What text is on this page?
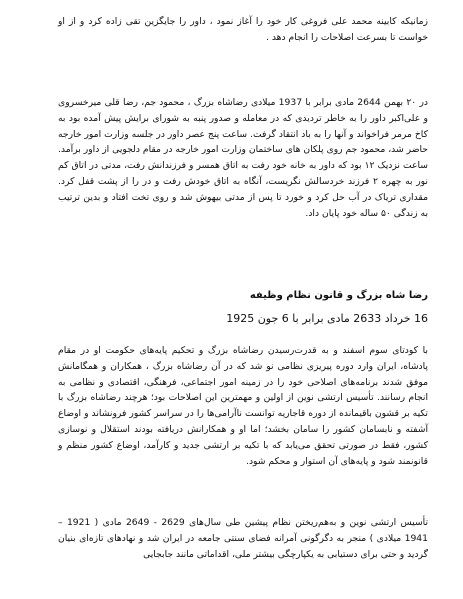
زمانیکه کابینه محمد علی فروغی کار خود را آغاز نمود ، داور را جایگزین تقی زاده کرد و از او خواست تا بسرعت اصلاحات را انجام دهد .

در ۲۰ بهمن 2644 مادی برابر با 1937 میلادی رضاشاه بزرگ ، محمود جم، رضا قلی میرخسروی و علی‌اکبر داور را به خاطر تردیدی که در معامله و صدور پنبه به شورای برایش پیش آمده بود به کاخ مرمر فراخواند و آنها را به باد انتقاد گرفت. ساعت پنج عصر داور در جلسه وزارت امور خارجه حاضر شد، محمود جم روی پلکان های ساختمان وزارت امور خارجه در مقام دلجویی از داور برآمد. ساعت نزدیک ۱۲ بود که داور به خانه خود رفت به اتاق همسر و فرزندانش رفت، مدتی در اتاق کم نور به چهره ۲ فرزند خردسالش نگریست، آنگاه به اتاق خودش رفت و در را از پشت قفل کرد. مقداری تریاک در آب حل کرد و خورد تا پس از مدتی بیهوش شد و روی تخت افتاد و بدین ترتیب به زندگی ۵۰ ساله خود پایان داد.

رضا شاه بزرگ و قانون نظام وظیفه
16 خرداد 2633 مادی برابر با 6 جون 1925

با کودتای سوم اسفند و به قدرت‌رسیدن رضاشاه بزرگ و تحکیم پایه‌های حکومت او در مقام پادشاه، ایران وارد دوره پیریزی نظامی نو شد که در آن رضاشاه بزرگ ، همکاران و همگامانش موفق شدند برنامه‌های اصلاحی خود را در زمینه امور اجتماعی، فرهنگی، اقتصادی و نظامی به انجام رسانند. تأسیس ارتشی نوین از اولین و مهمترین این اصلاحات بود؛ هرچند رضاشاه بزرگ با تکیه بر قشون باقیمانده از دوره قاجاریه توانست ناآرامی‌ها را در سراسر کشور فرونشاند و اوضاع آشفته و نابسامان کشور را سامان بخشد؛ اما او و همکارانش دریافته بودند استقلال و نوسازی کشور، فقط در صورتی تحقق می‌یابد که با تکیه بر ارتشی جدید و کارآمد، اوضاع کشور منظم و قانونمند شود و پایه‌های آن استوار و محکم شود.

تأسیس ارتشی نوین و به‌هم‌ریختن نظام پیشین طی سال‌های 2629 - 2649 مادی ( 1921 – 1941 میلادی ) منجر به دگرگونی آمرانه فضای سنتی جامعه در ایران شد و نهادهای تازه‌ای بنیان گردید و حتی برای دستیابی به یکپارچگی بیشتر ملی، اقداماتی مانند جابجایی
